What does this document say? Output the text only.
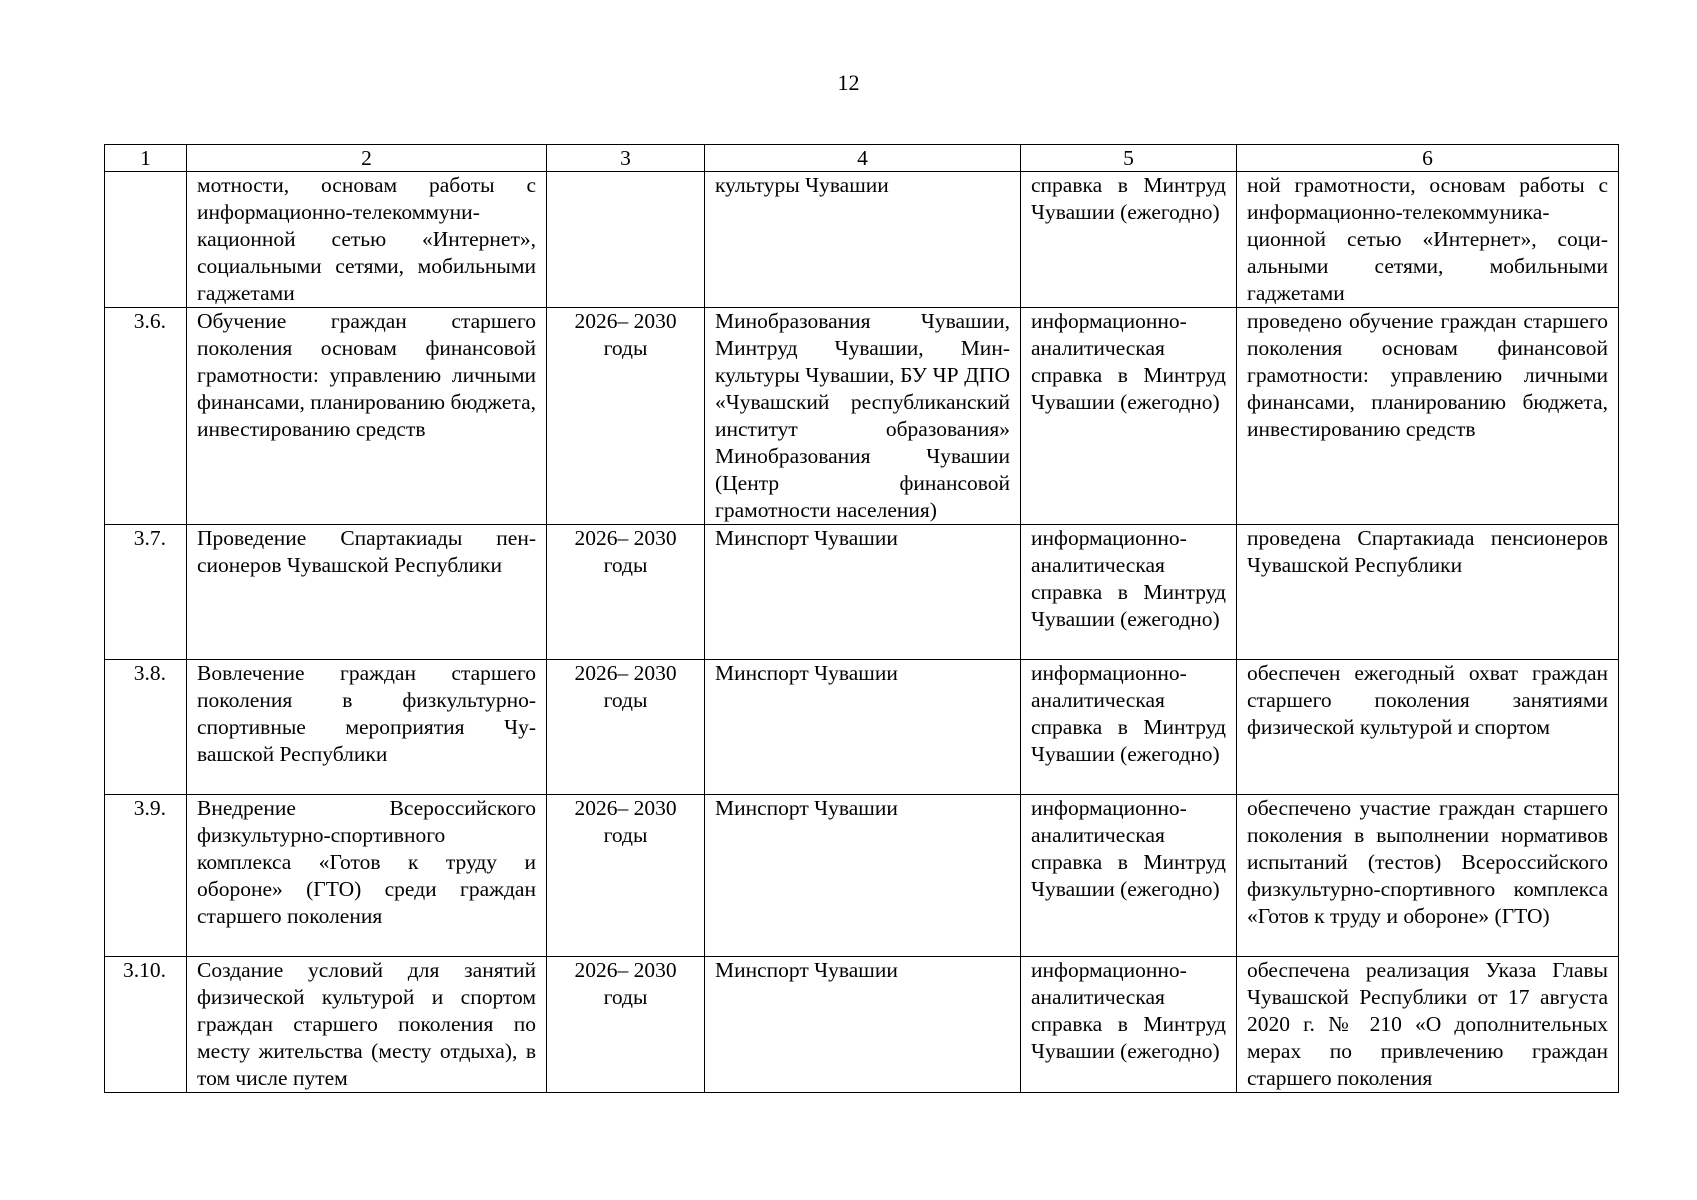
12
1	2	3	4	5	6
	мотности, основам работы с информационно-телекоммуникационной сетью «Интернет», социальными сетями, мобильными гаджетами		культуры Чувашии	справка в Минтруд Чувашии (ежегодно)	ной грамотности, основам работы с информационно-телекоммуникационной сетью «Интернет», социальными сетями, мобильными гаджетами
3.6.	Обучение граждан старшего поколения основам финансовой грамотности: управлению личными финансами, планированию бюджета, инвестированию средств	2026– 2030 годы	Минобразования Чувашии, Минтруд Чувашии, Минкультуры Чувашии, БУ ЧР ДПО «Чувашский республиканский институт образования» Минобразования Чувашии (Центр финансовой грамотности населения)	информационно-аналитическая справка в Минтруд Чувашии (ежегодно)	проведено обучение граждан старшего поколения основам финансовой грамотности: управлению личными финансами, планированию бюджета, инвестированию средств
3.7.	Проведение Спартакиады пенсионеров Чувашской Республики	2026– 2030 годы	Минспорт Чувашии	информационно-аналитическая справка в Минтруд Чувашии (ежегодно)	проведена Спартакиада пенсионеров Чувашской Республики
3.8.	Вовлечение граждан старшего поколения в физкультурно-спортивные мероприятия Чувашской Республики	2026– 2030 годы	Минспорт Чувашии	информационно-аналитическая справка в Минтруд Чувашии (ежегодно)	обеспечен ежегодный охват граждан старшего поколения занятиями физической культурой и спортом
3.9.	Внедрение Всероссийского физкультурно-спортивного комплекса «Готов к труду и обороне» (ГТО) среди граждан старшего поколения	2026– 2030 годы	Минспорт Чувашии	информационно-аналитическая справка в Минтруд Чувашии (ежегодно)	обеспечено участие граждан старшего поколения в выполнении нормативов испытаний (тестов) Всероссийского физкультурно-спортивного комплекса «Готов к труду и обороне» (ГТО)
3.10.	Создание условий для занятий физической культурой и спортом граждан старшего поколения по месту жительства (месту отдыха), в том числе путем	2026– 2030 годы	Минспорт Чувашии	информационно-аналитическая справка в Минтруд Чувашии (ежегодно)	обеспечена реализация Указа Главы Чувашской Республики от 17 августа 2020 г. № 210 «О дополнительных мерах по привлечению граждан старшего поколения
